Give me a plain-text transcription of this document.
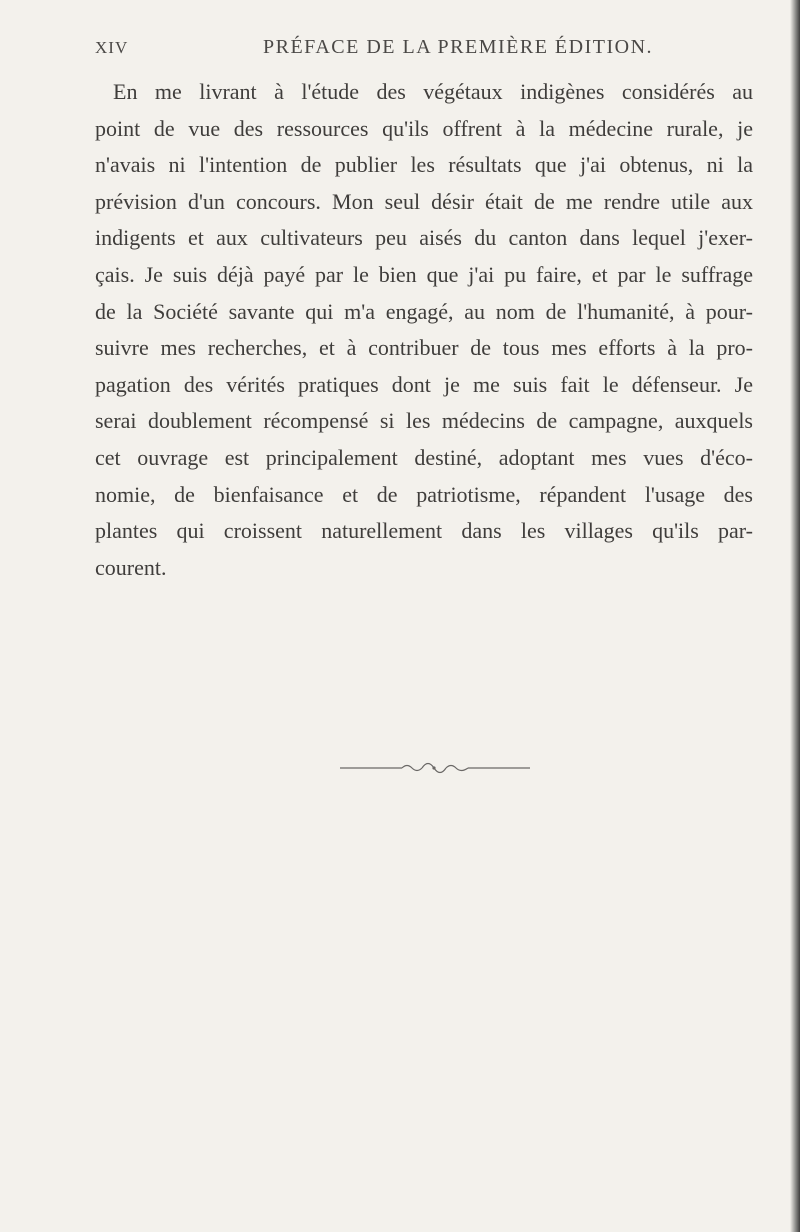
XIV	PRÉFACE DE LA PREMIÈRE ÉDITION.
En me livrant à l'étude des végétaux indigènes considérés au
point de vue des ressources qu'ils offrent à la médecine rurale, je
n'avais ni l'intention de publier les résultats que j'ai obtenus, ni la
prévision d'un concours. Mon seul désir était de me rendre utile aux
indigents et aux cultivateurs peu aisés du canton dans lequel j'exer-
çais. Je suis déjà payé par le bien que j'ai pu faire, et par le suffrage
de la Société savante qui m'a engagé, au nom de l'humanité, à pour-
suivre mes recherches, et à contribuer de tous mes efforts à la pro-
pagation des vérités pratiques dont je me suis fait le défenseur. Je
serai doublement récompensé si les médecins de campagne, auxquels
cet ouvrage est principalement destiné, adoptant mes vues d'éco-
nomie, de bienfaisance et de patriotisme, répandent l'usage des
plantes qui croissent naturellement dans les villages qu'ils par-
courent.
